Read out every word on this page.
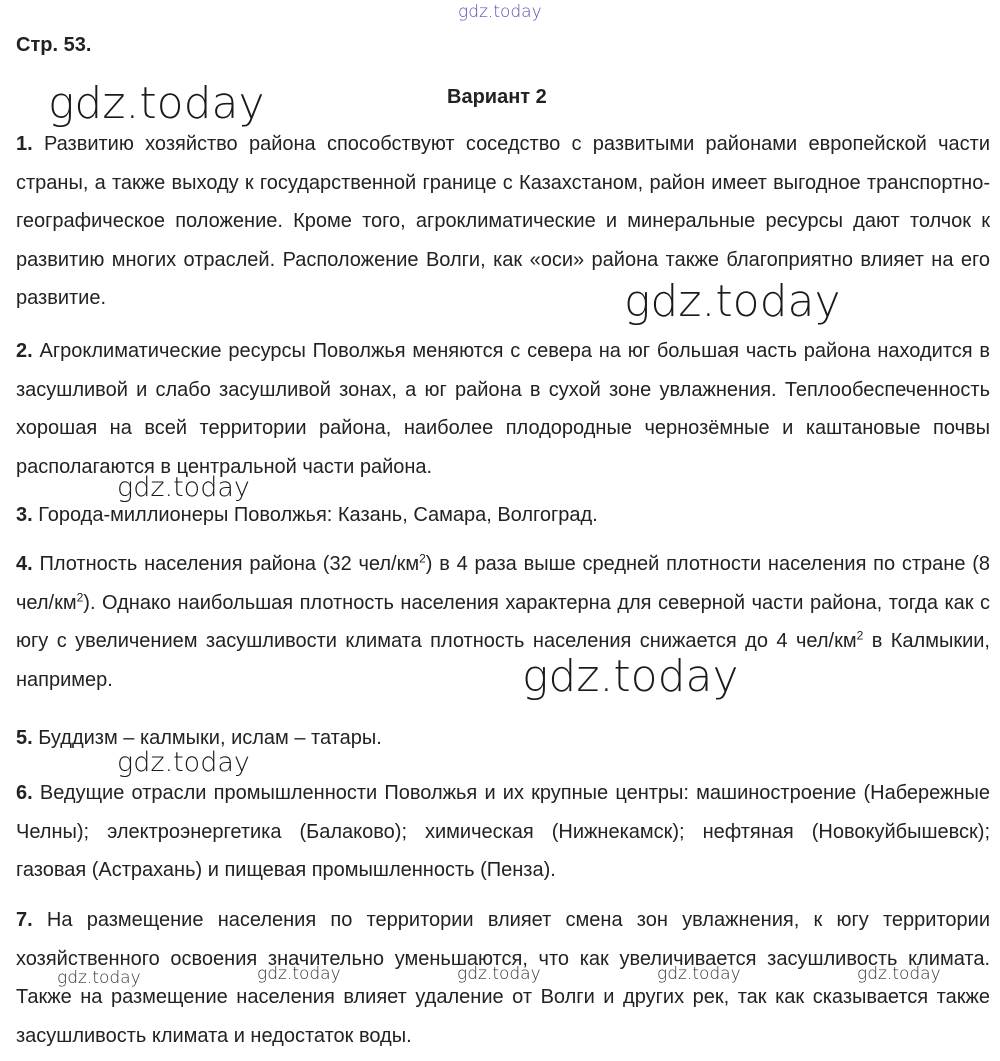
gdz.today
Стр. 53.
Вариант 2

1. Развитию хозяйство района способствуют соседство с развитыми районами европейской части страны, а также выходу к государственной границе с Казахстаном, район имеет выгодное транспортно-географическое положение. Кроме того, агроклиматические и минеральные ресурсы дают толчок к развитию многих отраслей. Расположение Волги, как «оси» района также благоприятно влияет на его развитие.

2. Агроклиматические ресурсы Поволжья меняются с севера на юг большая часть района находится в засушливой и слабо засушливой зонах, а юг района в сухой зоне увлажнения. Теплообеспеченность хорошая на всей территории района, наиболее плодородные чернозёмные и каштановые почвы располагаются в центральной части района.

3. Города-миллионеры Поволжья: Казань, Самара, Волгоград.

4. Плотность населения района (32 чел/$км^2$) в 4 раза выше средней плотности населения по стране (8 чел/$км^2$). Однако наибольшая плотность населения характерна для северной части района, тогда как с югу с увеличением засушливости климата плотность населения снижается до 4 чел/$км^2$ в Калмыкии, например.

5. Буддизм – калмыки, ислам – татары.

6. Ведущие отрасли промышленности Поволжья и их крупные центры: машиностроение (Набережные Челны); электроэнергетика (Балаково); химическая (Нижнекамск); нефтяная (Новокуйбышевск); газовая (Астрахань) и пищевая промышленность (Пенза).

7. На размещение населения по территории влияет смена зон увлажнения, к югу территории хозяйственного освоения значительно уменьшаются, что как увеличивается засушливость климата. Также на размещение населения влияет удаление от Волги и других рек, так как сказывается также засушливость климата и недостаток воды.

gdz.today
gdz.today
gdz.today
gdz.today
gdz.today
gdz.today	gdz.today	gdz.today	gdz.today	gdz.today
